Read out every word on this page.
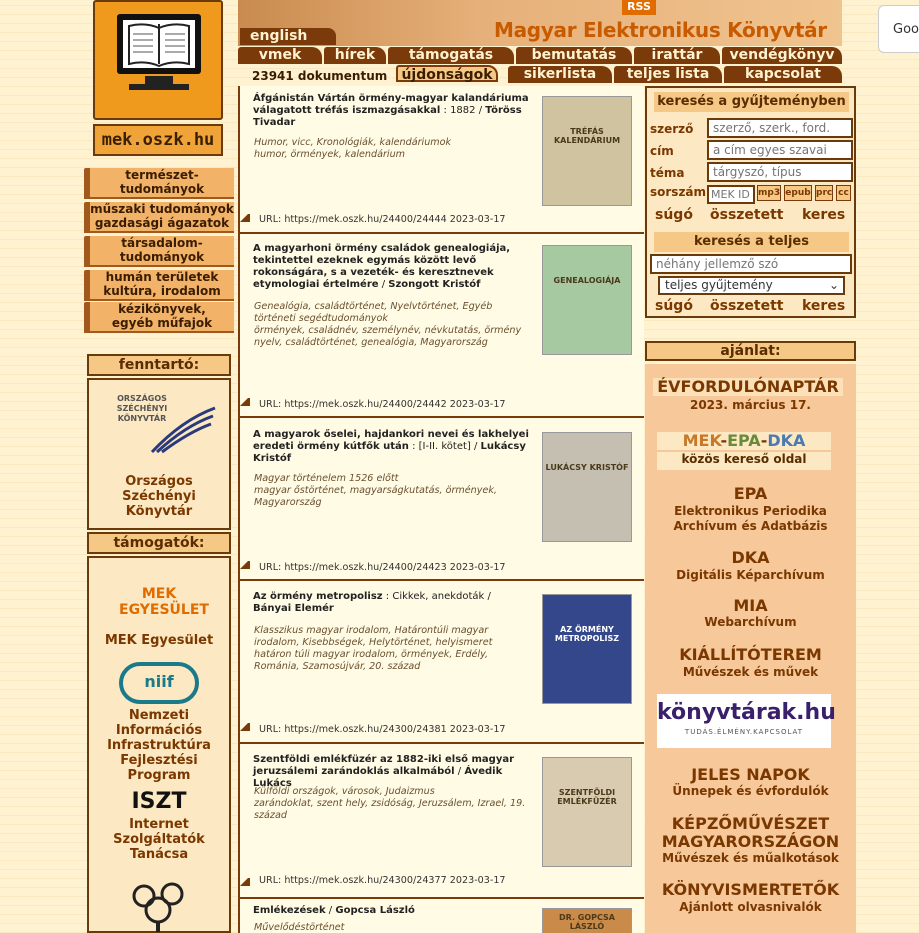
mek.oszk.hu
természet-
tudományok
műszaki tudományok
gazdasági ágazatok
társadalom-
tudományok
humán területek
kultúra, irodalom
kézikönyvek,
egyéb műfajok
fenntartó:
ORSZÁGOS SZÉCHÉNYI KÖNYVTÁR
Országos Széchényi Könyvtár
támogatók:
MEK EGYESÜLET
MEK Egyesület
niif
Nemzeti
Információs
Infrastruktúra
Fejlesztési Program
ISZT
Internet
Szolgáltatók
Tanácsa
RSS
Magyar Elektronikus Könyvtár
english
vmek	hírek	támogatás	bemutatás	irattár	vendégkönyv
23941 dokumentum	újdonságok	sikerlista	teljes lista	kapcsolat
Áfgánistán Vártán örmény-magyar kalandáriuma válagatott tréfás iszmazgásakkal : 1882 / Töröss Tivadar
Humor, vicc, Kronológiák, kalendáriumok
humor, örmények, kalendárium
URL: https://mek.oszk.hu/24400/24444 2023-03-17
TRÉFÁS KALENDÁRIUM
A magyarhoni örmény családok genealogiája, tekintettel ezeknek egymás között levő rokonságára, s a vezeték- és keresztnevek etymologiai értelmére / Szongott Kristóf
Genealógia, családtörténet, Nyelvtörténet, Egyéb történeti segédtudományok
örmények, családnév, személynév, névkutatás, örmény nyelv, családtörténet, genealógia, Magyarország
URL: https://mek.oszk.hu/24400/24442 2023-03-17
GENEALOGIÁJA
A magyarok őselei, hajdankori nevei és lakhelyei eredeti örmény kútfők után : [I-II. kötet] / Lukácsy Kristóf
Magyar történelem 1526 előtt
magyar őstörténet, magyarságkutatás, örmények, Magyarország
URL: https://mek.oszk.hu/24400/24423 2023-03-17
LUKÁCSY KRISTÓF
Az örmény metropolisz : Cikkek, anekdoták / Bányai Elemér
Klasszikus magyar irodalom, Határontúli magyar irodalom, Kisebbségek, Helytörténet, helyismeret
határon túli magyar irodalom, örmények, Erdély, Románia, Szamosújvár, 20. század
URL: https://mek.oszk.hu/24300/24381 2023-03-17
AZ ÖRMÉNY METROPOLISZ
Szentföldi emlékfüzér az 1882-iki első magyar jeruzsálemi zarándoklás alkalmából / Ávedik Lukács
Külföldi országok, városok, Judaizmus
zarándoklat, szent hely, zsidóság, Jeruzsálem, Izrael, 19. század
URL: https://mek.oszk.hu/24300/24377 2023-03-17
SZENTFÖLDI EMLÉKFÜZÉR
Emlékezések / Gopcsa László
Művelődéstörténet
DR. GOPCSA LÁSZLÓ
keresés a gyűjteményben
szerző
szerző, szerk., ford.
cím
a cím egyes szavai
téma
tárgyszó, típus
sorszám
MEK ID	mp3 epub prc cc
súgó összetett keres
keresés a teljes
néhány jellemző szó
teljes gyűjtemény	⌄
súgó összetett keres
ajánlat:
ÉVFORDULÓNAPTÁR
2023. március 17.
MEK-EPA-DKA
közös kereső oldal
EPA
Elektronikus Periodika
Archívum és Adatbázis
DKA
Digitális Képarchívum
MIA
Webarchívum
KIÁLLÍTÓTEREM
Művészek és művek
könyvtárak.hu
TUDÁS.ÉLMÉNY.KAPCSOLAT
JELES NAPOK
Ünnepek és évfordulók
KÉPZŐMŰVÉSZET
MAGYARORSZÁGON
Művészek és műalkotások
KÖNYVISMERTETŐK
Ajánlott olvasnivalók
Goo
